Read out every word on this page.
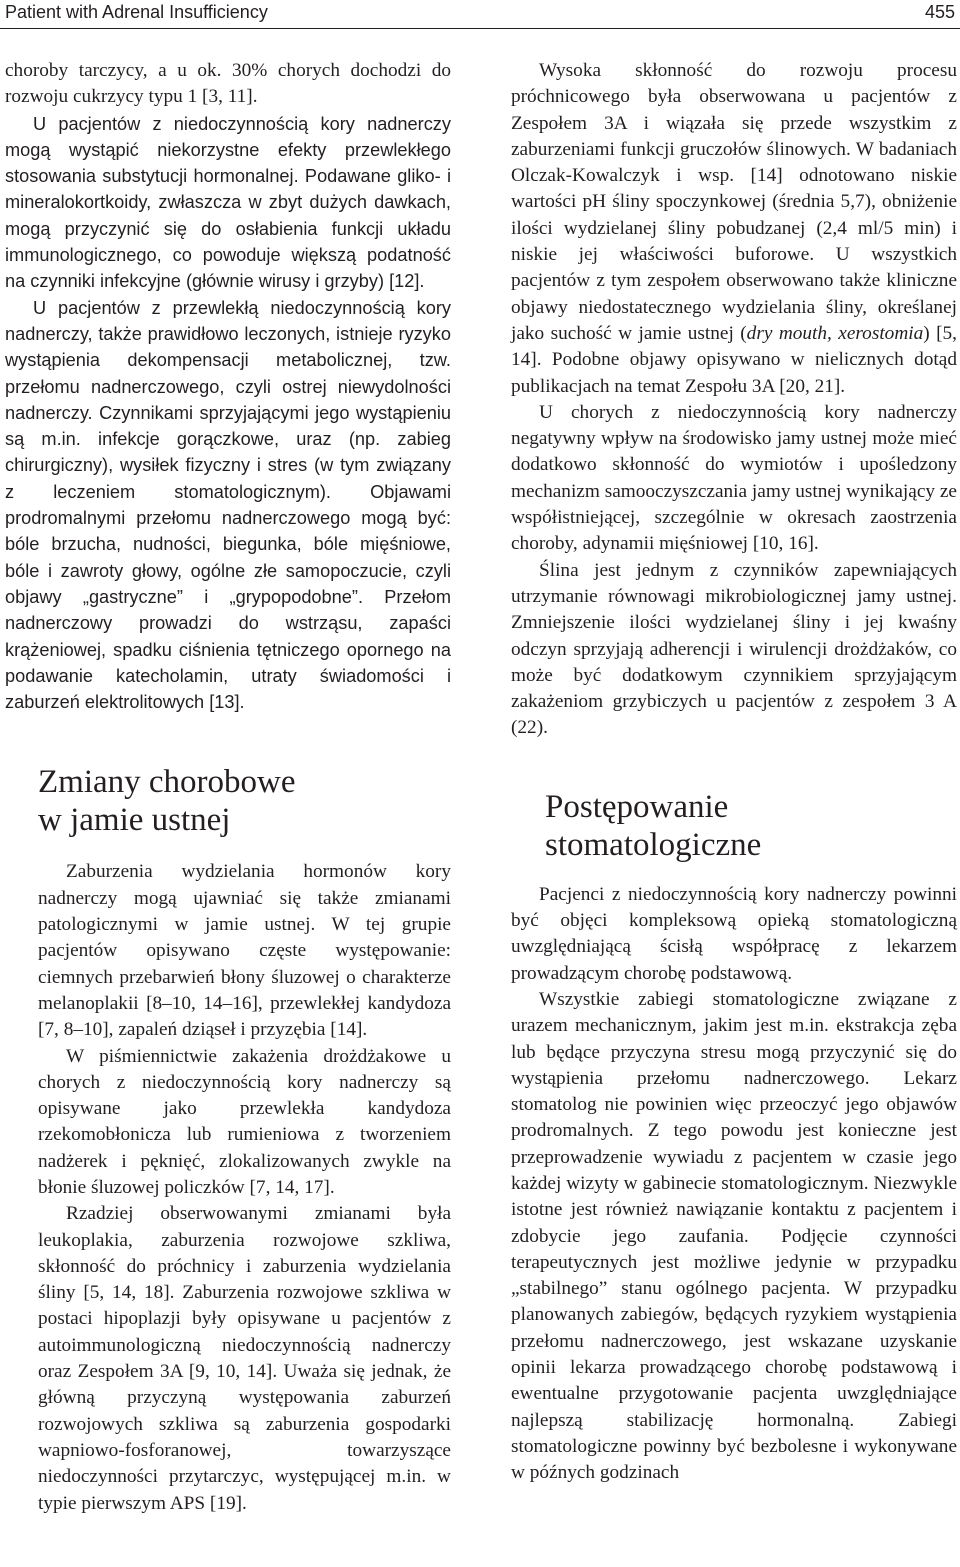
Patient with Adrenal Insufficiency	455

choroby tarczycy, a u ok. 30% chorych dochodzi do rozwoju cukrzycy typu 1 [3, 11].

U pacjentów z niedoczynnością kory nadnerczy mogą wystąpić niekorzystne efekty przewlekłego stosowania substytucji hormonalnej. Podawane gliko- i mineralokortkoidy, zwłaszcza w zbyt dużych dawkach, mogą przyczynić się do osłabienia funkcji układu immunologicznego, co powoduje większą podatność na czynniki infekcyjne (głównie wirusy i grzyby) [12].

U pacjentów z przewlekłą niedoczynnością kory nadnerczy, także prawidłowo leczonych, istnieje ryzyko wystąpienia dekompensacji metabolicznej, tzw. przełomu nadnerczowego, czyli ostrej niewydolności nadnerczy. Czynnikami sprzyjającymi jego wystąpieniu są m.in. infekcje gorączkowe, uraz (np. zabieg chirurgiczny), wysiłek fizyczny i stres (w tym związany z leczeniem stomatologicznym). Objawami prodromalnymi przełomu nadnerczowego mogą być: bóle brzucha, nudności, biegunka, bóle mięśniowe, bóle i zawroty głowy, ogólne złe samopoczucie, czyli objawy „gastryczne” i „grypopodobne”. Przełom nadnerczowy prowadzi do wstrząsu, zapaści krążeniowej, spadku ciśnienia tętniczego opornego na podawanie katecholamin, utraty świadomości i zaburzeń elektrolitowych [13].

Zmiany chorobowe
w jamie ustnej

Zaburzenia wydzielania hormonów kory nadnerczy mogą ujawniać się także zmianami patologicznymi w jamie ustnej. W tej grupie pacjentów opisywano częste występowanie: ciemnych przebarwień błony śluzowej o charakterze melanoplakii [8–10, 14–16], przewlekłej kandydoza [7, 8–10], zapaleń dziąseł i przyzębia [14].

W piśmiennictwie zakażenia drożdżakowe u chorych z niedoczynnością kory nadnerczy są opisywane jako przewlekła kandydoza rzekomobłonicza lub rumieniowa z tworzeniem nadżerek i pęknięć, zlokalizowanych zwykle na błonie śluzowej policzków [7, 14, 17].

Rzadziej obserwowanymi zmianami była leukoplakia, zaburzenia rozwojowe szkliwa, skłonność do próchnicy i zaburzenia wydzielania śliny [5, 14, 18]. Zaburzenia rozwojowe szkliwa w postaci hipoplazji były opisywane u pacjentów z autoimmunologiczną niedoczynnością nadnerczy oraz Zespołem 3A [9, 10, 14]. Uważa się jednak, że główną przyczyną występowania zaburzeń rozwojowych szkliwa są zaburzenia gospodarki wapniowo-fosforanowej, towarzyszące niedoczynności przytarczyc, występującej m.in. w typie pierwszym APS [19].

Wysoka skłonność do rozwoju procesu próchnicowego była obserwowana u pacjentów z Zespołem 3A i wiązała się przede wszystkim z zaburzeniami funkcji gruczołów ślinowych. W badaniach Olczak-Kowalczyk i wsp. [14] odnotowano niskie wartości pH śliny spoczynkowej (średnia 5,7), obniżenie ilości wydzielanej śliny pobudzanej (2,4 ml/5 min) i niskie jej właściwości buforowe. U wszystkich pacjentów z tym zespołem obserwowano także kliniczne objawy niedostatecznego wydzielania śliny, określanej jako suchość w jamie ustnej (dry mouth, xerostomia) [5, 14]. Podobne objawy opisywano w nielicznych dotąd publikacjach na temat Zespołu 3A [20, 21].

U chorych z niedoczynnością kory nadnerczy negatywny wpływ na środowisko jamy ustnej może mieć dodatkowo skłonność do wymiotów i upośledzony mechanizm samooczyszczania jamy ustnej wynikający ze współistniejącej, szczególnie w okresach zaostrzenia choroby, adynamii mięśniowej [10, 16].

Ślina jest jednym z czynników zapewniających utrzymanie równowagi mikrobiologicznej jamy ustnej. Zmniejszenie ilości wydzielanej śliny i jej kwaśny odczyn sprzyjają adherencji i wirulencji drożdżaków, co może być dodatkowym czynnikiem sprzyjającym zakażeniom grzybiczych u pacjentów z zespołem 3 A (22).

Postępowanie
stomatologiczne

Pacjenci z niedoczynnością kory nadnerczy powinni być objęci kompleksową opieką stomatologiczną uwzględniającą ścisłą współpracę z lekarzem prowadzącym chorobę podstawową.

Wszystkie zabiegi stomatologiczne związane z urazem mechanicznym, jakim jest m.in. ekstrakcja zęba lub będące przyczyna stresu mogą przyczynić się do wystąpienia przełomu nadnerczowego. Lekarz stomatolog nie powinien więc przeoczyć jego objawów prodromalnych. Z tego powodu jest konieczne jest przeprowadzenie wywiadu z pacjentem w czasie jego każdej wizyty w gabinecie stomatologicznym. Niezwykle istotne jest również nawiązanie kontaktu z pacjentem i zdobycie jego zaufania. Podjęcie czynności terapeutycznych jest możliwe jedynie w przypadku „stabilnego” stanu ogólnego pacjenta. W przypadku planowanych zabiegów, będących ryzykiem wystąpienia przełomu nadnerczowego, jest wskazane uzyskanie opinii lekarza prowadzącego chorobę podstawową i ewentualne przygotowanie pacjenta uwzględniające najlepszą stabilizację hormonalną. Zabiegi stomatologiczne powinny być bezbolesne i wykonywane w późnych godzinach
